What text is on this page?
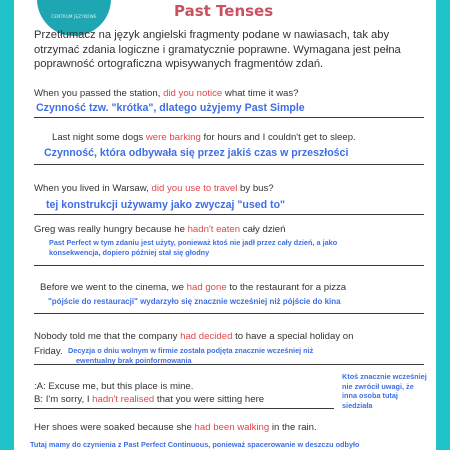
CENTRUM JĘZYKOWE	Past Tenses
Przetłumacz na język angielski fragmenty podane w nawiasach, tak aby otrzymać zdania logiczne i gramatycznie poprawne. Wymagana jest pełna poprawność ortograficzna wpisywanych fragmentów zdań.
When you passed the station, did you notice what time it was?
Czynność tzw. "krótka", dlatego użyjemy Past Simple
Last night some dogs were barking for hours and I couldn't get to sleep.
Czynność, która odbywała się przez jakiś czas w przeszłości
When you lived in Warsaw, did you use to travel by bus?
tej konstrukcji używamy jako zwyczaj "used to"
Greg was really hungry because he hadn't eaten cały dzień
Past Perfect w tym zdaniu jest użyty, ponieważ ktoś nie jadł przez cały dzień, a jako
konsekwencja, dopiero później stał się głodny
Before we went to the cinema, we had gone to the restaurant for a pizza
"pójście do restauracji" wydarzyło się znacznie wcześniej niż pójście do kina
Nobody told me that the company had decided to have a special holiday on
Friday. Decyzja o dniu wolnym w firmie została podjęta znacznie wcześniej niż
ewentualny brak poinformowania
:A: Excuse me, but this place is mine.
B: I'm sorry, I hadn't realised that you were sitting here
Ktoś znacznie wcześniej
nie zwrócił uwagi, że
inna osoba tutaj
siedziała
Her shoes were soaked because she had been walking in the rain.
Tutaj mamy do czynienia z Past Perfect Continuous, ponieważ spacerowanie w deszczu odbyło
